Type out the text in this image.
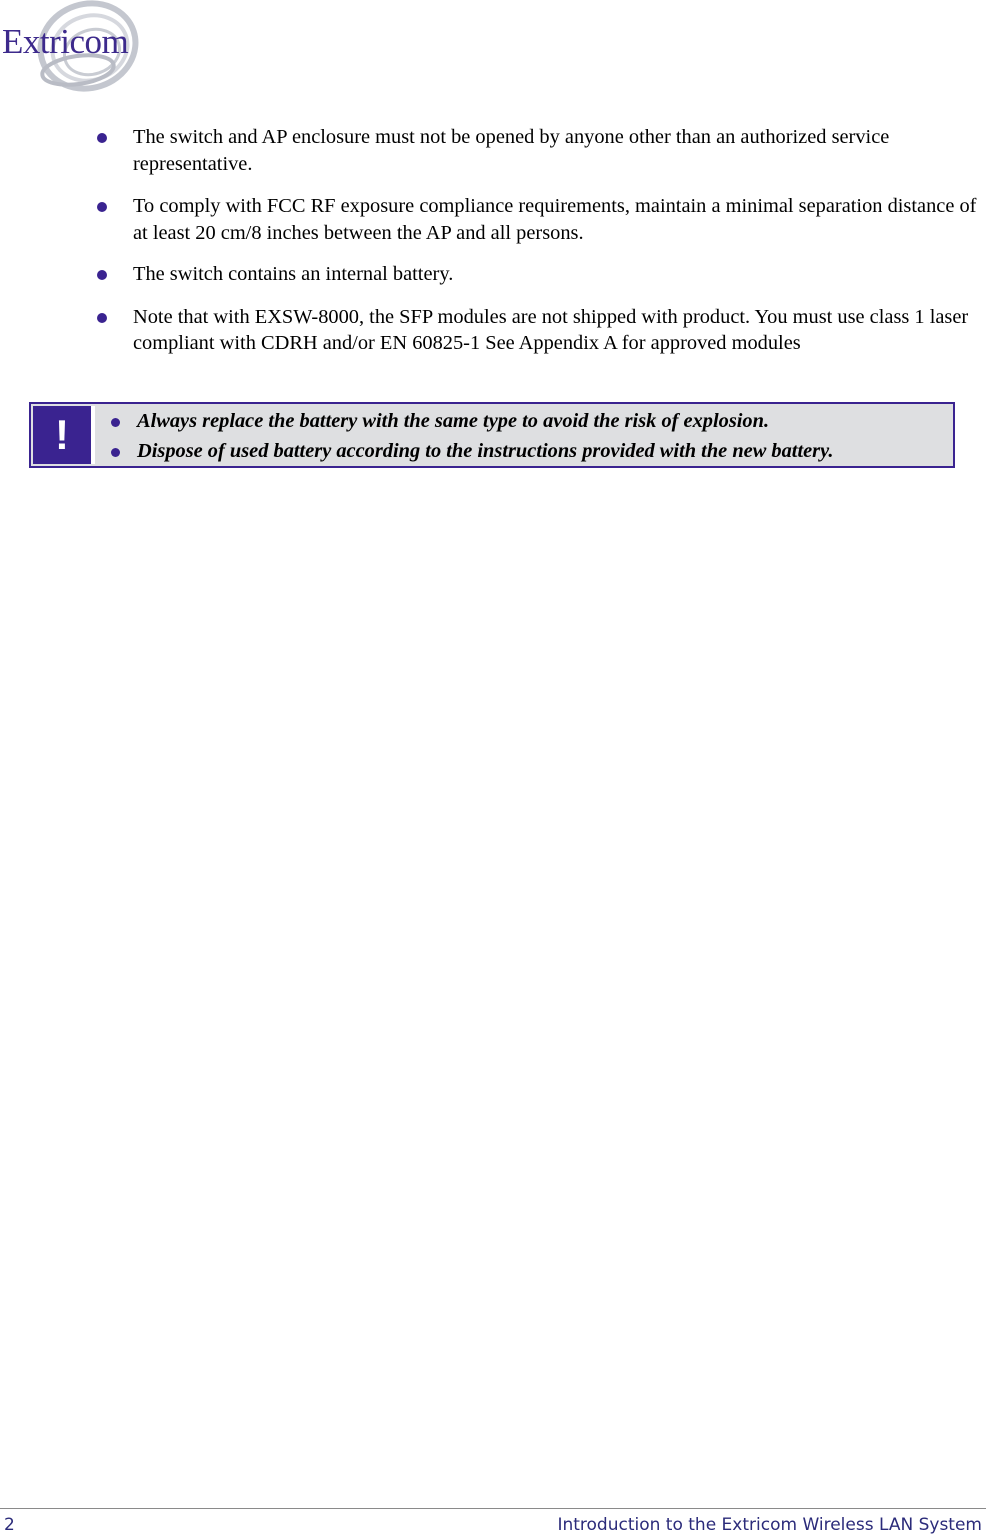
Extricom
The switch and AP enclosure must not be opened by anyone other than an authorized service representative.
To comply with FCC RF exposure compliance requirements, maintain a minimal separation distance of at least 20 cm/8 inches between the AP and all persons.
The switch contains an internal battery.
Note that with EXSW-8000, the SFP modules are not shipped with product. You must use class 1 laser compliant with CDRH and/or EN 60825-1 See Appendix A for approved modules
!	Always replace the battery with the same type to avoid the risk of explosion.
Dispose of used battery according to the instructions provided with the new battery.
2	Introduction to the Extricom Wireless LAN System
